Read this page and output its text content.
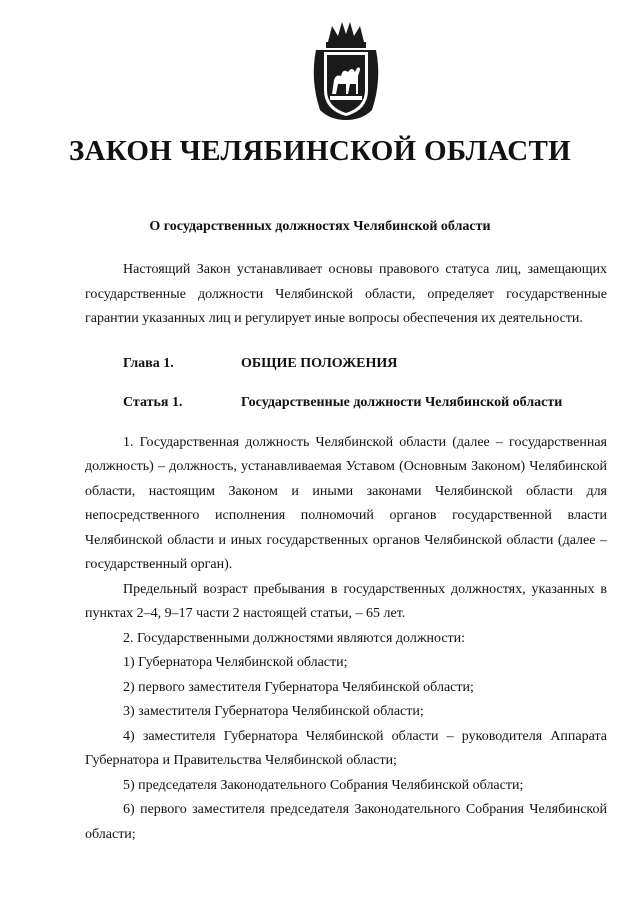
ЗАКОН ЧЕЛЯБИНСКОЙ ОБЛАСТИ
О государственных должностях Челябинской области

Настоящий Закон устанавливает основы правового статуса лиц, замещающих государственные должности Челябинской области, определяет государственные гарантии указанных лиц и регулирует иные вопросы обеспечения их деятельности.

Глава 1.	ОБЩИЕ ПОЛОЖЕНИЯ
Статья 1.	Государственные должности Челябинской области

1. Государственная должность Челябинской области (далее – государственная должность) – должность, устанавливаемая Уставом (Основным Законом) Челябинской области, настоящим Законом и иными законами Челябинской области для непосредственного исполнения полномочий органов государственной власти Челябинской области и иных государственных органов Челябинской области (далее – государственный орган).

Предельный возраст пребывания в государственных должностях, указанных в пунктах 2–4, 9–17 части 2 настоящей статьи, – 65 лет.

2. Государственными должностями являются должности:

1) Губернатора Челябинской области;

2) первого заместителя Губернатора Челябинской области;

3) заместителя Губернатора Челябинской области;

4) заместителя Губернатора Челябинской области – руководителя Аппарата Губернатора и Правительства Челябинской области;

5) председателя Законодательного Собрания Челябинской области;

6) первого заместителя председателя Законодательного Собрания Челябинской области;
